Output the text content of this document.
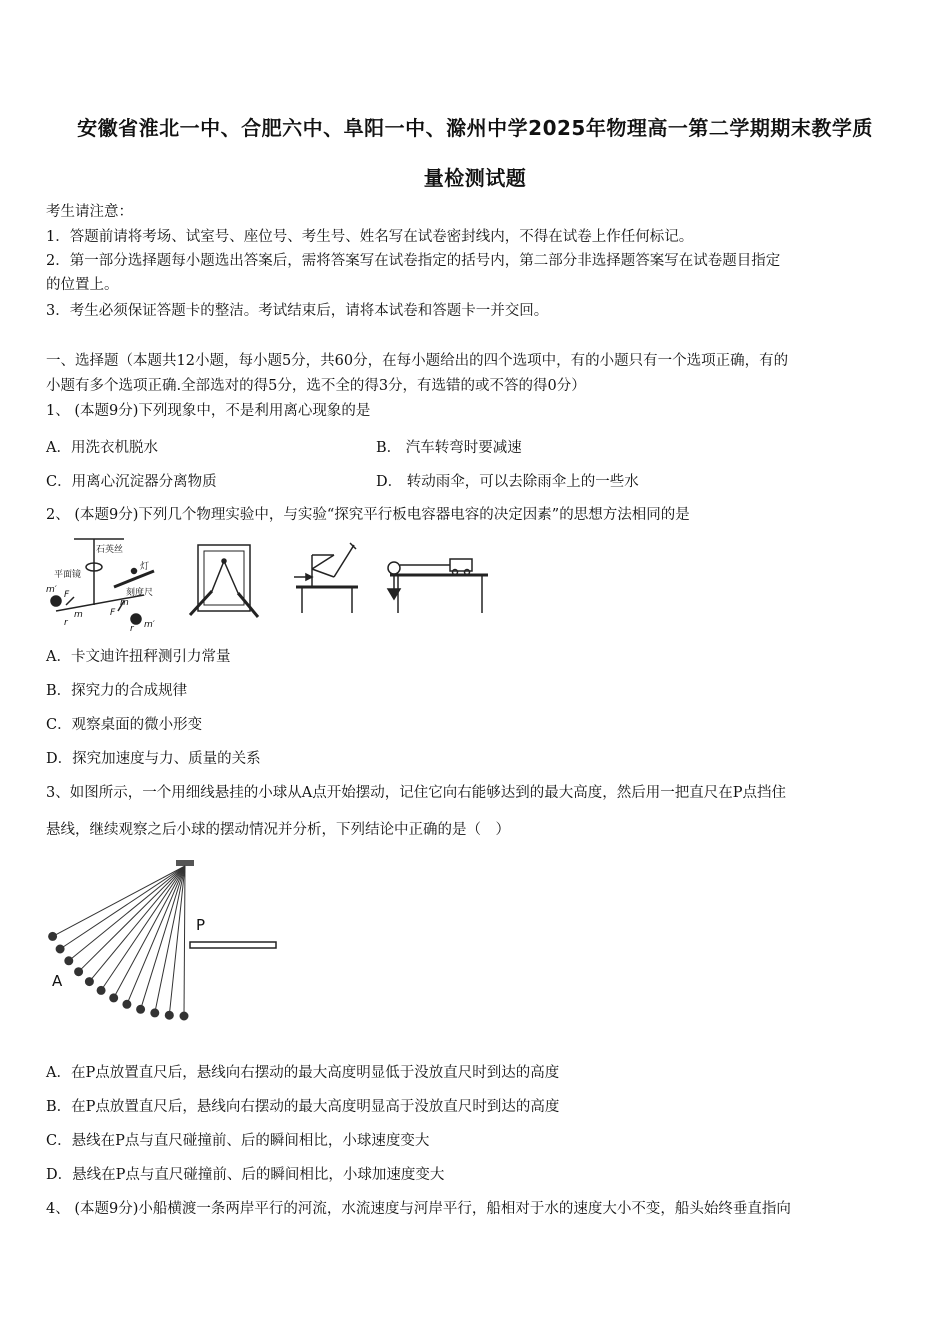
安徽省淮北一中、合肥六中、阜阳一中、滁州中学2025年物理高一第二学期期末教学质
量检测试题
考生请注意：
1．答题前请将考场、试室号、座位号、考生号、姓名写在试卷密封线内，不得在试卷上作任何标记。
2．第一部分选择题每小题选出答案后，需将答案写在试卷指定的括号内，第二部分非选择题答案写在试卷题目指定
的位置上。
3．考生必须保证答题卡的整洁。考试结束后，请将本试卷和答题卡一并交回。
一、选择题（本题共12小题，每小题5分，共60分，在每小题给出的四个选项中，有的小题只有一个选项正确，有的
小题有多个选项正确.全部选对的得5分，选不全的得3分，有选错的或不答的得0分）
1、 (本题9分)下列现象中，不是利用离心现象的是
A．用洗衣机脱水	B． 汽车转弯时要减速
C．用离心沉淀器分离物质	D． 转动雨伞，可以去除雨伞上的一些水
2、 (本题9分)下列几个物理实验中，与实验“探究平行板电容器电容的决定因素”的思想方法相同的是
石英丝
平面镜
灯
刻度尺
m′
m′
m
m
F
F
r
r
A．卡文迪许扭秤测引力常量
B．探究力的合成规律
C．观察桌面的微小形变
D．探究加速度与力、质量的关系
3、如图所示，一个用细线悬挂的小球从A点开始摆动，记住它向右能够达到的最大高度，然后用一把直尺在P点挡住
悬线，继续观察之后小球的摆动情况并分析，下列结论中正确的是（　）
P
A
A．在P点放置直尺后，悬线向右摆动的最大高度明显低于没放直尺时到达的高度
B．在P点放置直尺后，悬线向右摆动的最大高度明显高于没放直尺时到达的高度
C．悬线在P点与直尺碰撞前、后的瞬间相比，小球速度变大
D．悬线在P点与直尺碰撞前、后的瞬间相比，小球加速度变大
4、 (本题9分)小船横渡一条两岸平行的河流，水流速度与河岸平行，船相对于水的速度大小不变，船头始终垂直指向
